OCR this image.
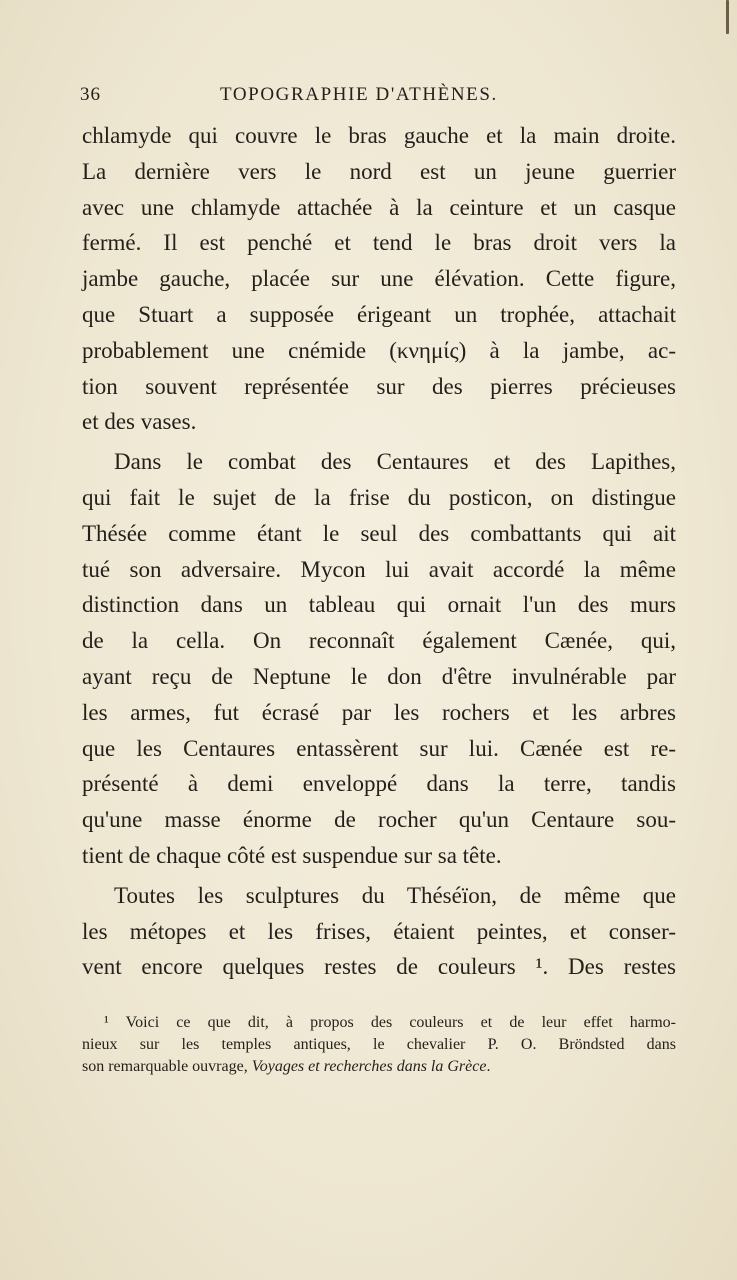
36	TOPOGRAPHIE D'ATHÈNES.
chlamyde qui couvre le bras gauche et la main droite.
La dernière vers le nord est un jeune guerrier
avec une chlamyde attachée à la ceinture et un casque
fermé. Il est penché et tend le bras droit vers la
jambe gauche, placée sur une élévation. Cette figure,
que Stuart a supposée érigeant un trophée, attachait
probablement une cnémide (κνημίς) à la jambe, ac-
tion souvent représentée sur des pierres précieuses
et des vases.
Dans le combat des Centaures et des Lapithes,
qui fait le sujet de la frise du posticon, on distingue
Thésée comme étant le seul des combattants qui ait
tué son adversaire. Mycon lui avait accordé la même
distinction dans un tableau qui ornait l'un des murs
de la cella. On reconnaît également Cænée, qui,
ayant reçu de Neptune le don d'être invulnérable par
les armes, fut écrasé par les rochers et les arbres
que les Centaures entassèrent sur lui. Cænée est re-
présenté à demi enveloppé dans la terre, tandis
qu'une masse énorme de rocher qu'un Centaure sou-
tient de chaque côté est suspendue sur sa tête.
Toutes les sculptures du Théséïon, de même que
les métopes et les frises, étaient peintes, et conser-
vent encore quelques restes de couleurs ¹. Des restes
¹ Voici ce que dit, à propos des couleurs et de leur effet harmo-
nieux sur les temples antiques, le chevalier P. O. Bröndsted dans
son remarquable ouvrage, Voyages et recherches dans la Grèce.
